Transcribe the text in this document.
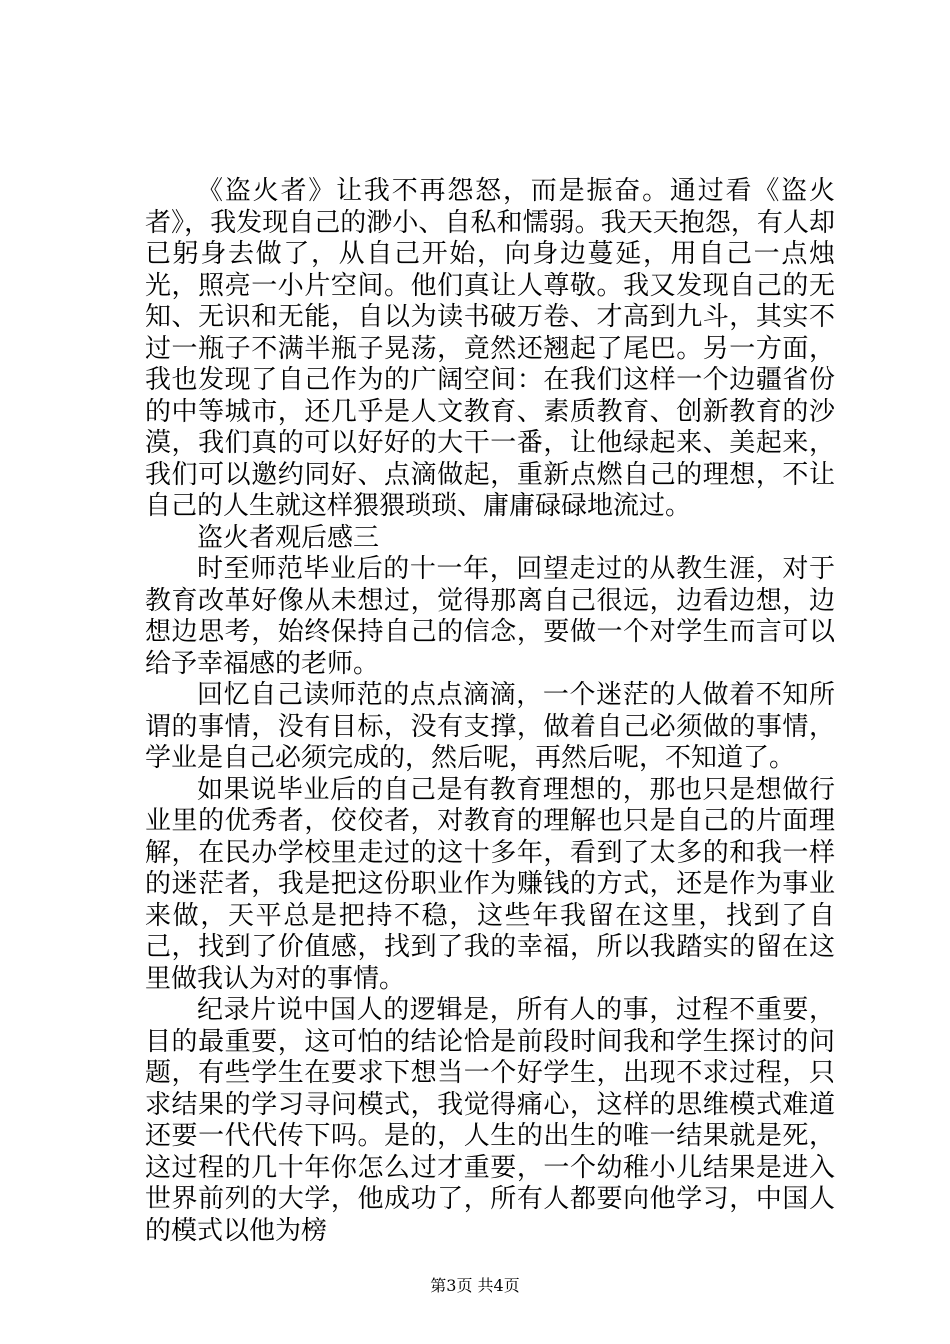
《盗火者》让我不再怨怒，而是振奋。通过看《盗火者》，我发现自己的渺小、自私和懦弱。我天天抱怨，有人却已躬身去做了，从自己开始，向身边蔓延，用自己一点烛光，照亮一小片空间。他们真让人尊敬。我又发现自己的无知、无识和无能，自以为读书破万卷、才高到九斗，其实不过一瓶子不满半瓶子晃荡，竟然还翘起了尾巴。另一方面，我也发现了自己作为的广阔空间：在我们这样一个边疆省份的中等城市，还几乎是人文教育、素质教育、创新教育的沙漠，我们真的可以好好的大干一番，让他绿起来、美起来，我们可以邀约同好、点滴做起，重新点燃自己的理想，不让自己的人生就这样猥猥琐琐、庸庸碌碌地流过。

盗火者观后感三

时至师范毕业后的十一年，回望走过的从教生涯，对于教育改革好像从未想过，觉得那离自己很远，边看边想，边想边思考，始终保持自己的信念，要做一个对学生而言可以给予幸福感的老师。

回忆自己读师范的点点滴滴，一个迷茫的人做着不知所谓的事情，没有目标，没有支撑，做着自己必须做的事情，学业是自己必须完成的，然后呢，再然后呢，不知道了。

如果说毕业后的自己是有教育理想的，那也只是想做行业里的优秀者，佼佼者，对教育的理解也只是自己的片面理解，在民办学校里走过的这十多年，看到了太多的和我一样的迷茫者，我是把这份职业作为赚钱的方式，还是作为事业来做，天平总是把持不稳，这些年我留在这里，找到了自己，找到了价值感，找到了我的幸福，所以我踏实的留在这里做我认为对的事情。

纪录片说中国人的逻辑是，所有人的事，过程不重要，目的最重要，这可怕的结论恰是前段时间我和学生探讨的问题，有些学生在要求下想当一个好学生，出现不求过程，只求结果的学习寻问模式，我觉得痛心，这样的思维模式难道还要一代代传下吗。是的，人生的出生的唯一结果就是死，这过程的几十年你怎么过才重要，一个幼稚小儿结果是进入世界前列的大学，他成功了，所有人都要向他学习，中国人的模式以他为榜

第3页 共4页
